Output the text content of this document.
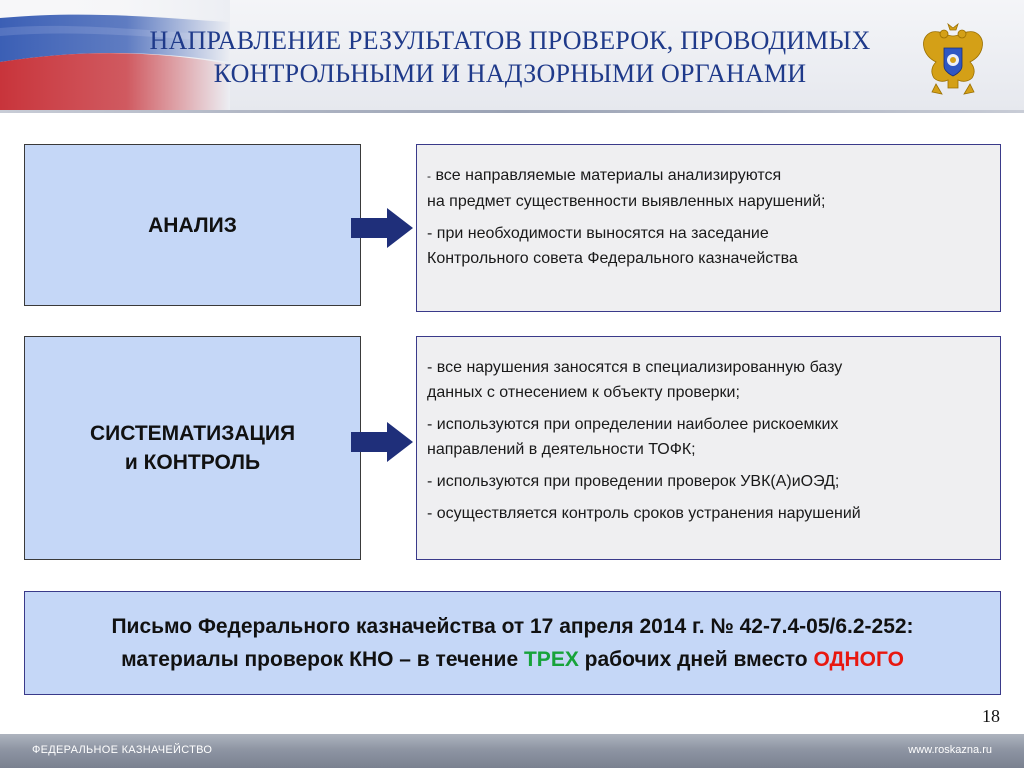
НАПРАВЛЕНИЕ РЕЗУЛЬТАТОВ ПРОВЕРОК, ПРОВОДИМЫХ
КОНТРОЛЬНЫМИ И НАДЗОРНЫМИ ОРГАНАМИ
АНАЛИЗ
- все направляемые материалы анализируются
на предмет существенности выявленных нарушений;
- при необходимости выносятся на заседание
Контрольного совета Федерального казначейства
СИСТЕМАТИЗАЦИЯ
и КОНТРОЛЬ
- все нарушения заносятся в специализированную базу
данных с отнесением к объекту проверки;
- используются при определении наиболее рискоемких
направлений в деятельности ТОФК;
- используются при проведении проверок УВК(А)иОЭД;
- осуществляется контроль сроков устранения нарушений
Письмо Федерального казначейства от 17 апреля 2014 г. № 42-7.4-05/6.2-252:
материалы проверок КНО – в течение ТРЕХ рабочих дней вместо ОДНОГО
18
ФЕДЕРАЛЬНОЕ КАЗНАЧЕЙСТВО	www.roskazna.ru
